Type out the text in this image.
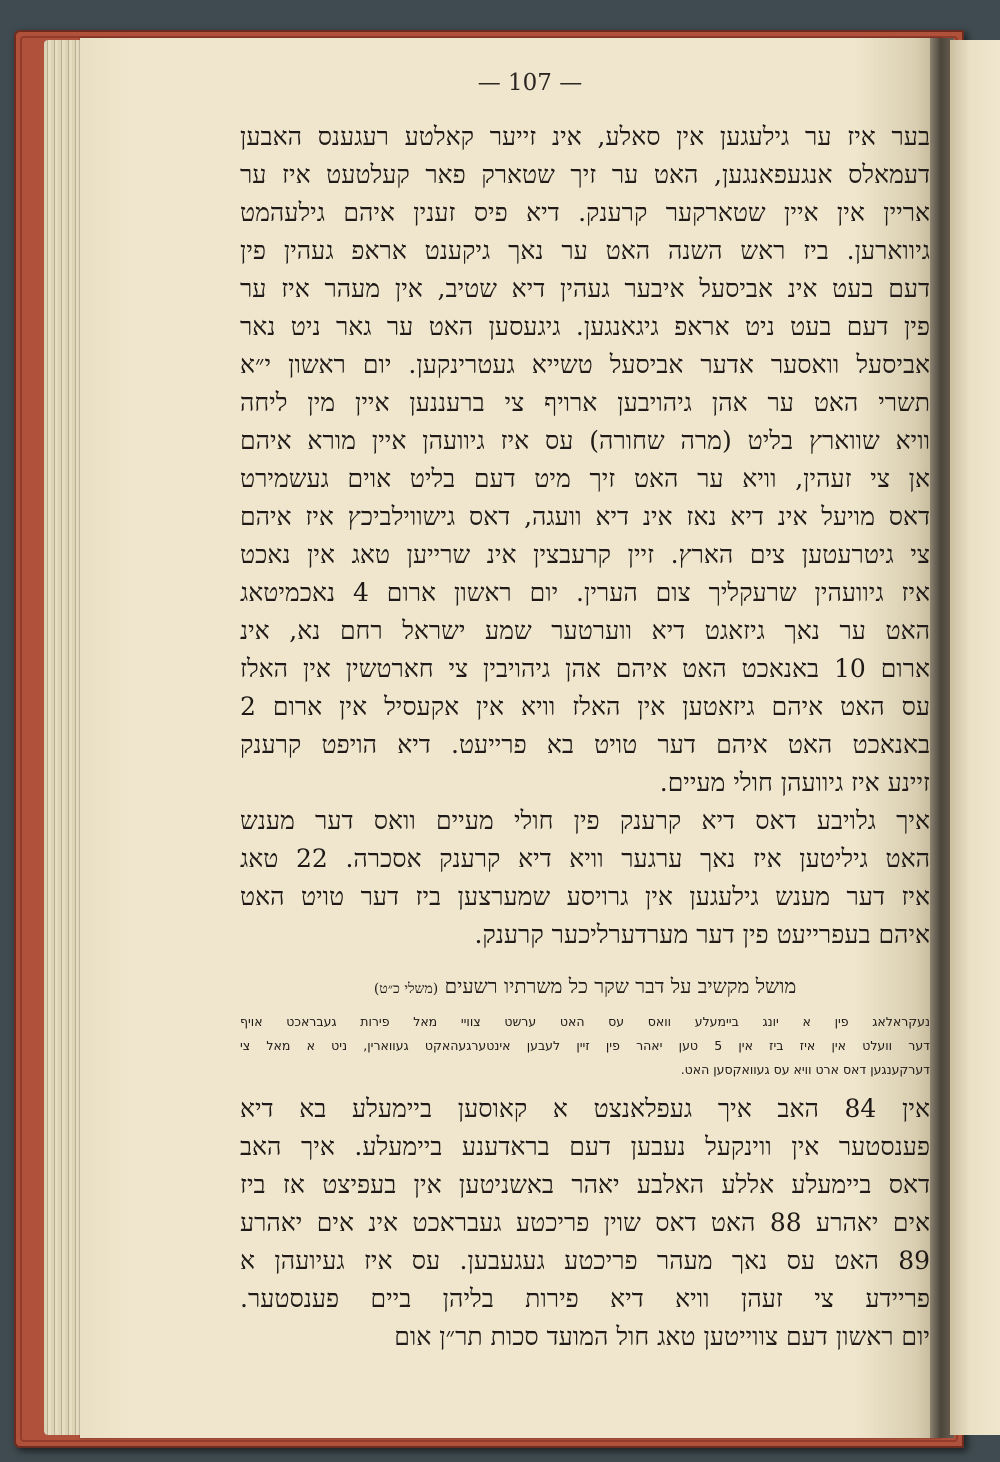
— 107 —
בער איז ער גילעגען אין סאלע, אינ זייער קאלטע רעגענס האבען
דעמאלס אנגעפאנגען, האט ער זיך שטארק פאר קעלטעט איז ער
אריין אין איין שטארקער קרענק. דיא פיס זענין איהם גילעהמט
גיווארען. ביז ראש השנה האט ער נאך גיקענט אראפ געהין פין
דעם בעט אינ אביסעל איבער געהין דיא שטיב, אין מעהר איז ער
פין דעם בעט ניט אראפ גיגאנגען. גיגעסען האט ער גאר ניט נאר
אביסעל וואסער אדער אביסעל טשייא געטרינקען. יום ראשון י״א
תשרי האט ער אהן גיהויבען ארויף צי ברעננען איין מין ליחה
וויא שווארץ בליט (מרה שחורה) עס איז גיוועהן איין מורא איהם
אן צי זעהין, וויא ער האט זיך מיט דעם בליט אוים געשמירט
דאס מויעל אינ דיא נאז אינ דיא וועגה, דאס גישווילביכץ איז איהם
צי גיטרעטען צים הארץ. זיין קרעבצין אינ שרייען טאג אין נאכט
איז גיוועהין שרעקליך צום הערין. יום ראשון ארום 4 נאכמיטאג
האט ער נאך גיזאגט דיא ווערטער שמע ישראל רחם נא, אינ
ארום 10 באנאכט האט איהם אהן גיהויבין צי חארטשין אין האלז
עס האט איהם גיזאטען אין האלז וויא אין אקעסיל אין ארום 2
באנאכט האט איהם דער טויט בא פרייעט. דיא הויפט קרענק
זיינע איז גיוועהן חולי מעיים.
איך גלויבע דאס דיא קרענק פין חולי מעיים וואס דער מענש
האט גיליטען איז נאך ערגער וויא דיא קרענק אסכרה. 22 טאג
איז דער מענש גילעגען אין גרויסע שמערצען ביז דער טויט האט
איהם בעפרייעט פין דער מערדערליכער קרענק.
מושל מקשיב על דבר שקר כל משרתיו רשעים (משלי כ״ט)
נעקראלאג פין א יונג ביימעלע וואס עס האט ערשט צוויי מאל פירות געבראכט אויף
דער וועלט אין איז ביז אין 5 טען יאהר פין זיין לעבען אינטערגעהאקט געווארין, ניט א מאל צי
דערקענגען דאס ארט וויא עס געוואקסען האט.
אין 84 האב איך געפלאנצט א קאוסען ביימעלע בא דיא
פענסטער אין ווינקעל נעבען דעם בראדענע ביימעלע. איך האב
דאס ביימעלע אללע האלבע יאהר באשניטען אין בעפיצט אז ביז
אים יאהרע 88 האט דאס שוין פריכטע געבראכט אינ אים יאהרע
89 האט עס נאך מעהר פריכטע געגעבען. עס איז געיועהן א
פריידע צי זעהן וויא דיא פירות בליהן ביים פענסטער.
יום ראשון דעם צווייטען טאג חול המועד סכות תר״ן אום
